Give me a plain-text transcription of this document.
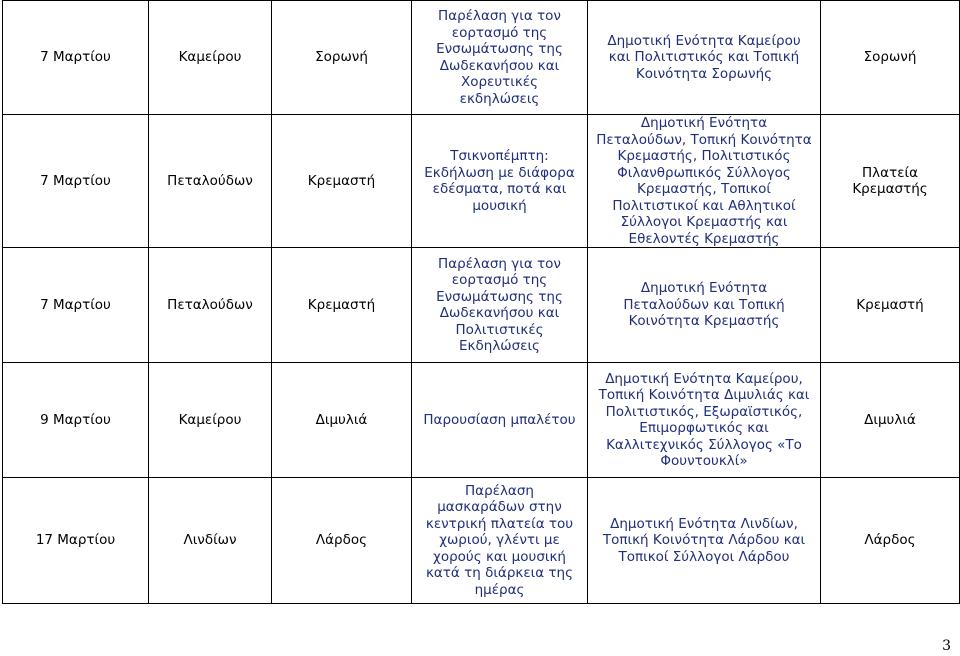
7 Μαρτίου	Καμείρου	Σορωνή	Παρέλαση για τον εορτασμό της Ενσωμάτωσης της Δωδεκανήσου και Χορευτικές εκδηλώσεις	Δημοτική Ενότητα Καμείρου και Πολιτιστικός και Τοπική Κοινότητα Σορωνής	Σορωνή
7 Μαρτίου	Πεταλούδων	Κρεμαστή	Τσικνοπέμπτη: Εκδήλωση με διάφορα εδέσματα, ποτά και μουσική	Δημοτική Ενότητα Πεταλούδων, Τοπική Κοινότητα Κρεμαστής, Πολιτιστικός Φιλανθρωπικός Σύλλογος Κρεμαστής, Τοπικοί Πολιτιστικοί και Αθλητικοί Σύλλογοι Κρεμαστής και Εθελοντές Κρεμαστής	Πλατεία Κρεμαστής
7 Μαρτίου	Πεταλούδων	Κρεμαστή	Παρέλαση για τον εορτασμό της Ενσωμάτωσης της Δωδεκανήσου και Πολιτιστικές Εκδηλώσεις	Δημοτική Ενότητα Πεταλούδων και Τοπική Κοινότητα Κρεμαστής	Κρεμαστή
9 Μαρτίου	Καμείρου	Διμυλιά	Παρουσίαση μπαλέτου	Δημοτική Ενότητα Καμείρου, Τοπική Κοινότητα Διμυλιάς και Πολιτιστικός, Εξωραϊστικός, Επιμορφωτικός και Καλλιτεχνικός Σύλλογος «Το Φουντουκλί»	Διμυλιά
17 Μαρτίου	Λινδίων	Λάρδος	Παρέλαση μασκαράδων στην κεντρική πλατεία του χωριού, γλέντι με χορούς και μουσική κατά τη διάρκεια της ημέρας	Δημοτική Ενότητα Λινδίων, Τοπική Κοινότητα Λάρδου και Τοπικοί Σύλλογοι Λάρδου	Λάρδος
3
